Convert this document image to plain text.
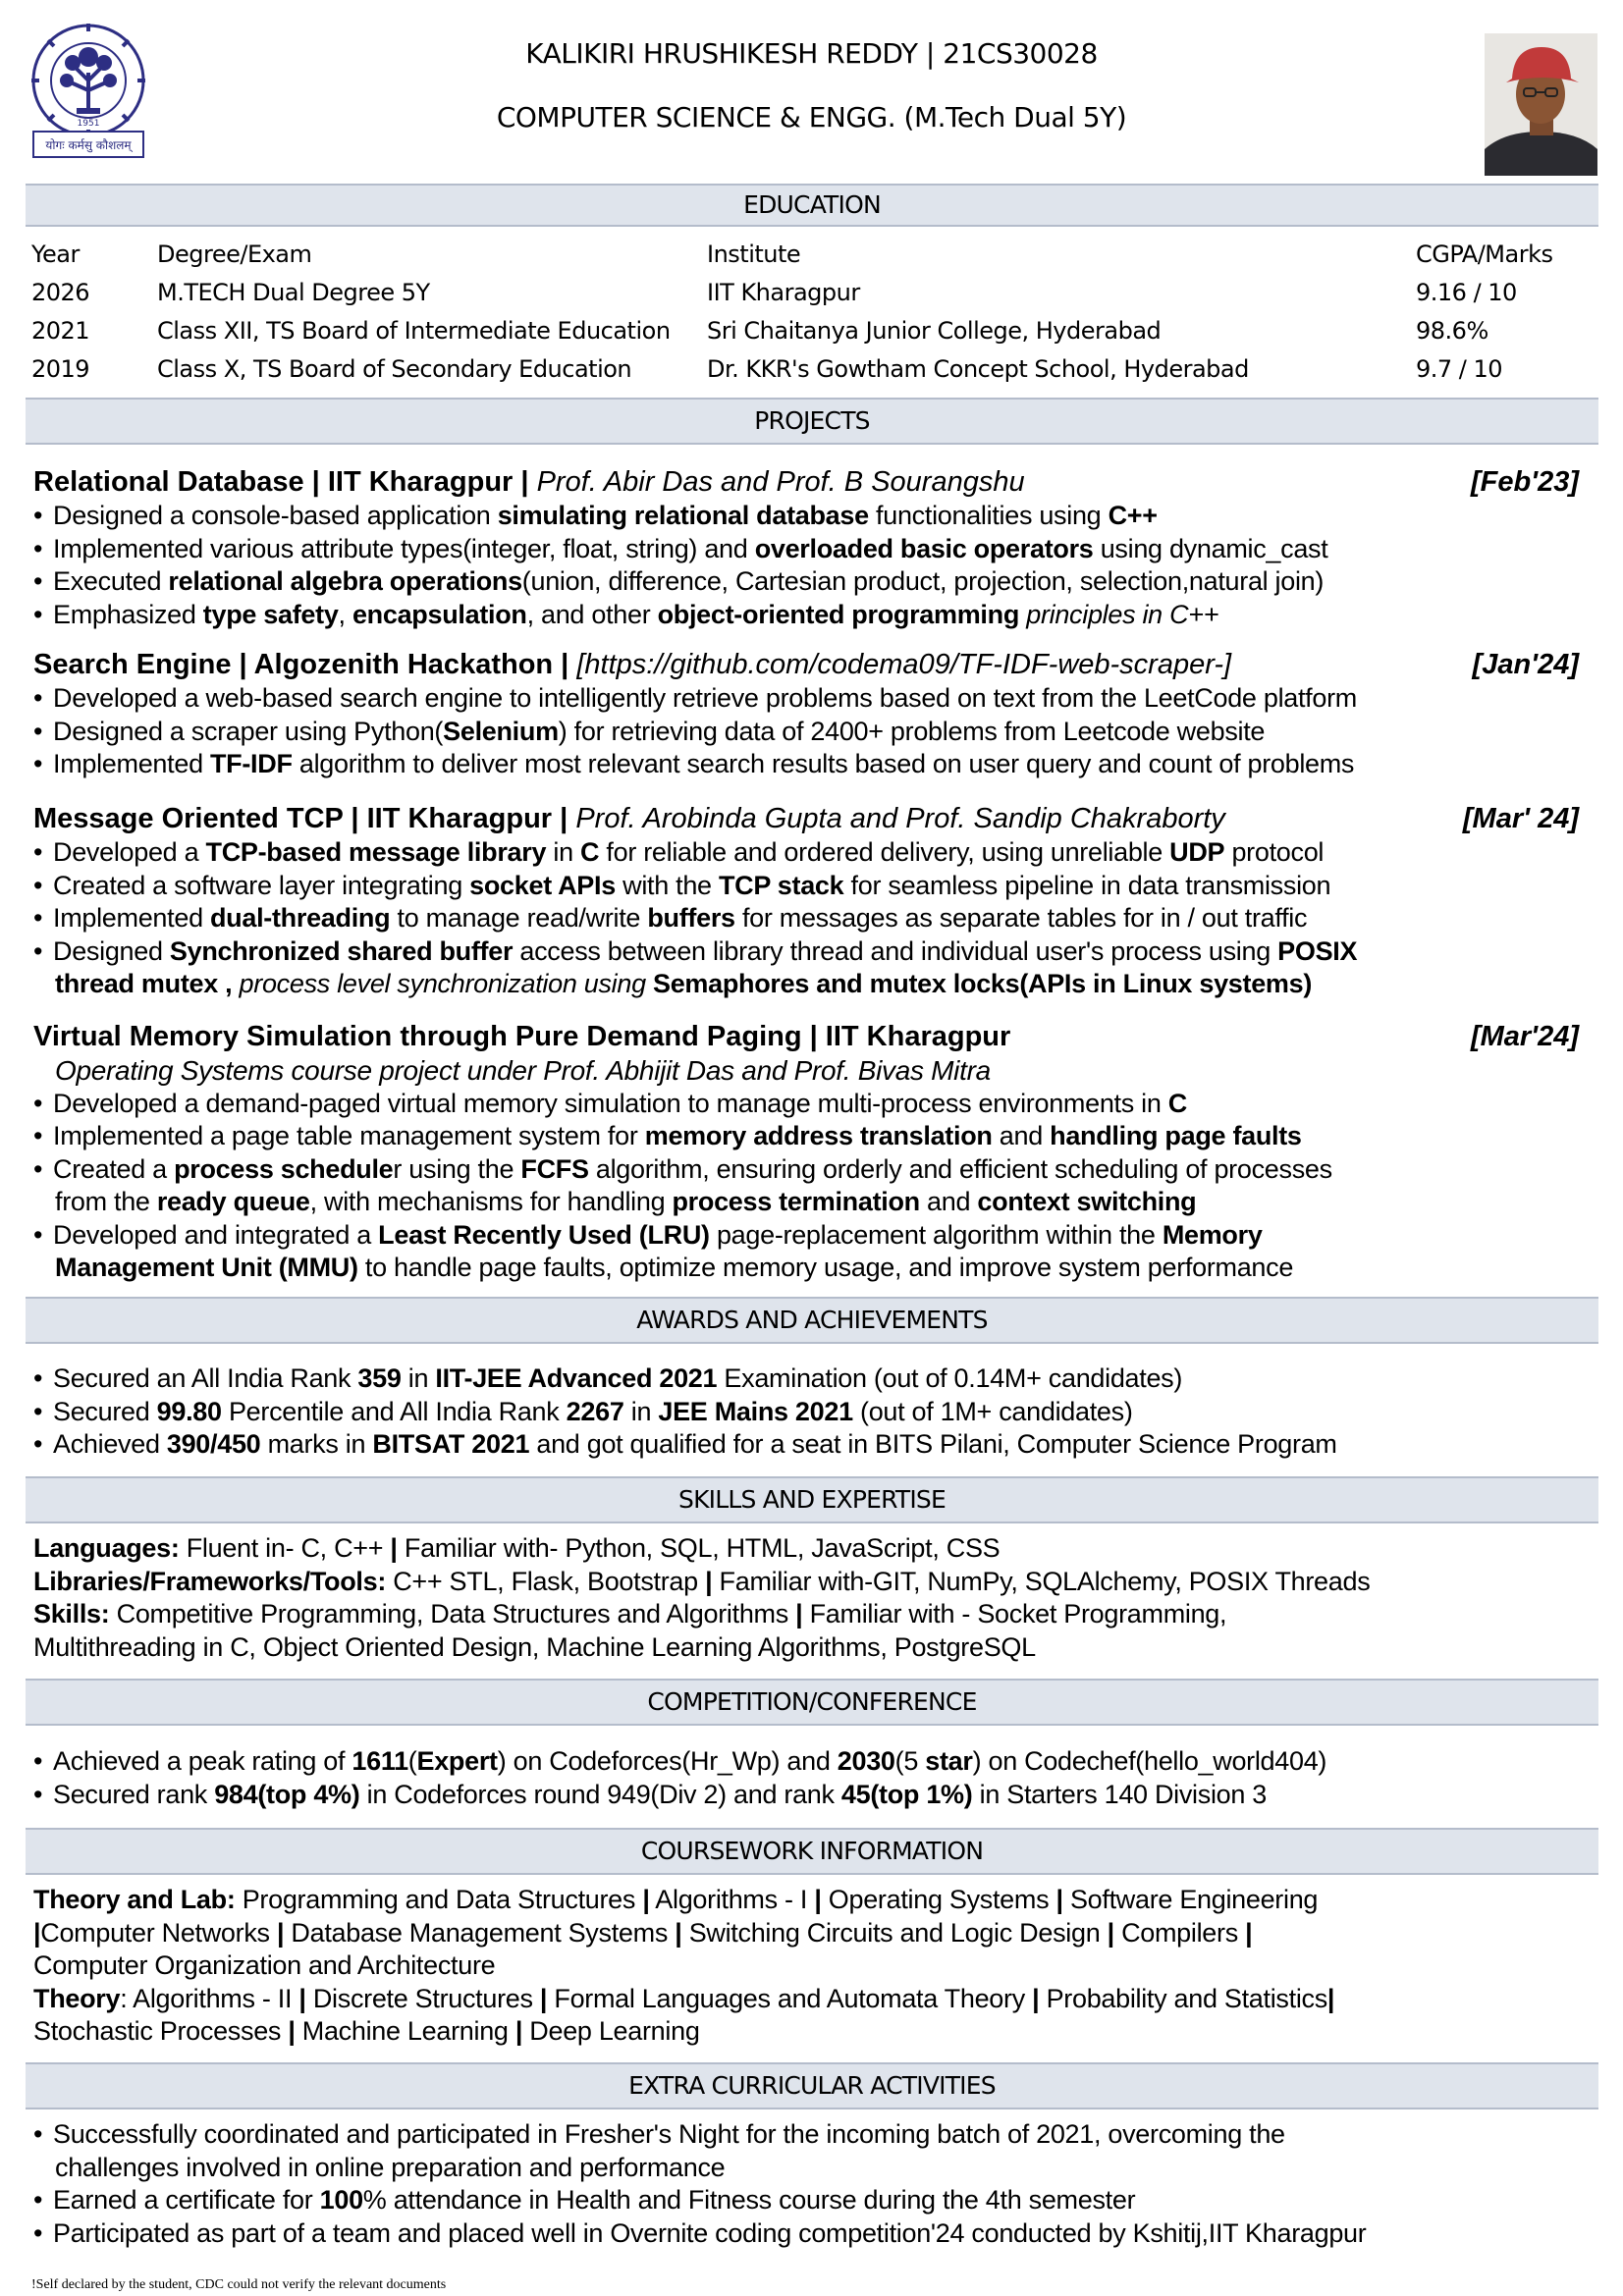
योगः कर्मसु कौशलम्
1951
KALIKIRI HRUSHIKESH REDDY | 21CS30028
COMPUTER SCIENCE & ENGG. (M.Tech Dual 5Y)
EDUCATION
Year	Degree/Exam	Institute	CGPA/Marks
2026	M.TECH Dual Degree 5Y	IIT Kharagpur	9.16 / 10
2021	Class XII, TS Board of Intermediate Education	Sri Chaitanya Junior College, Hyderabad	98.6%
2019	Class X, TS Board of Secondary Education	Dr. KKR's Gowtham Concept School, Hyderabad	9.7 / 10
PROJECTS
Relational Database | IIT Kharagpur | Prof. Abir Das and Prof. B Sourangshu	[Feb'23]
• Designed a console-based application simulating relational database functionalities using C++
• Implemented various attribute types(integer, float, string) and overloaded basic operators using dynamic_cast
• Executed relational algebra operations(union, difference, Cartesian product, projection, selection,natural join)
• Emphasized type safety, encapsulation, and other object-oriented programming principles in C++
Search Engine | Algozenith Hackathon | [https://github.com/codema09/TF-IDF-web-scraper-]	[Jan'24]
• Developed a web-based search engine to intelligently retrieve problems based on text from the LeetCode platform
• Designed a scraper using Python(Selenium) for retrieving data of 2400+ problems from Leetcode website
• Implemented TF-IDF algorithm to deliver most relevant search results based on user query and count of problems
Message Oriented TCP | IIT Kharagpur | Prof. Arobinda Gupta and Prof. Sandip Chakraborty	[Mar' 24]
• Developed a TCP-based message library in C for reliable and ordered delivery, using unreliable UDP protocol
• Created a software layer integrating socket APIs with the TCP stack for seamless pipeline in data transmission
• Implemented dual-threading to manage read/write buffers for messages as separate tables for in / out traffic
• Designed Synchronized shared buffer access between library thread and individual user's process using POSIX
thread mutex , process level synchronization using Semaphores and mutex locks(APIs in Linux systems)
Virtual Memory Simulation through Pure Demand Paging | IIT Kharagpur	[Mar'24]
Operating Systems course project under Prof. Abhijit Das and Prof. Bivas Mitra
• Developed a demand-paged virtual memory simulation to manage multi-process environments in C
• Implemented a page table management system for memory address translation and handling page faults
• Created a process scheduler using the FCFS algorithm, ensuring orderly and efficient scheduling of processes
from the ready queue, with mechanisms for handling process termination and context switching
• Developed and integrated a Least Recently Used (LRU) page-replacement algorithm within the Memory
Management Unit (MMU) to handle page faults, optimize memory usage, and improve system performance
AWARDS AND ACHIEVEMENTS
• Secured an All India Rank 359 in IIT-JEE Advanced 2021 Examination (out of 0.14M+ candidates)
• Secured 99.80 Percentile and All India Rank 2267 in JEE Mains 2021 (out of 1M+ candidates)
• Achieved 390/450 marks in BITSAT 2021 and got qualified for a seat in BITS Pilani, Computer Science Program
SKILLS AND EXPERTISE
Languages: Fluent in- C, C++ | Familiar with- Python, SQL, HTML, JavaScript, CSS
Libraries/Frameworks/Tools: C++ STL, Flask, Bootstrap | Familiar with-GIT, NumPy, SQLAlchemy, POSIX Threads
Skills: Competitive Programming, Data Structures and Algorithms | Familiar with - Socket Programming,
Multithreading in C, Object Oriented Design, Machine Learning Algorithms, PostgreSQL
COMPETITION/CONFERENCE
• Achieved a peak rating of 1611(Expert) on Codeforces(Hr_Wp) and 2030(5 star) on Codechef(hello_world404)
• Secured rank 984(top 4%) in Codeforces round 949(Div 2) and rank 45(top 1%) in Starters 140 Division 3
COURSEWORK INFORMATION
Theory and Lab: Programming and Data Structures | Algorithms - I | Operating Systems | Software Engineering
|Computer Networks | Database Management Systems | Switching Circuits and Logic Design | Compilers |
Computer Organization and Architecture
Theory: Algorithms - II | Discrete Structures | Formal Languages and Automata Theory | Probability and Statistics|
Stochastic Processes | Machine Learning | Deep Learning
EXTRA CURRICULAR ACTIVITIES
• Successfully coordinated and participated in Fresher's Night for the incoming batch of 2021, overcoming the
challenges involved in online preparation and performance
• Earned a certificate for 100% attendance in Health and Fitness course during the 4th semester
• Participated as part of a team and placed well in Overnite coding competition'24 conducted by Kshitij,IIT Kharagpur
!Self declared by the student, CDC could not verify the relevant documents
